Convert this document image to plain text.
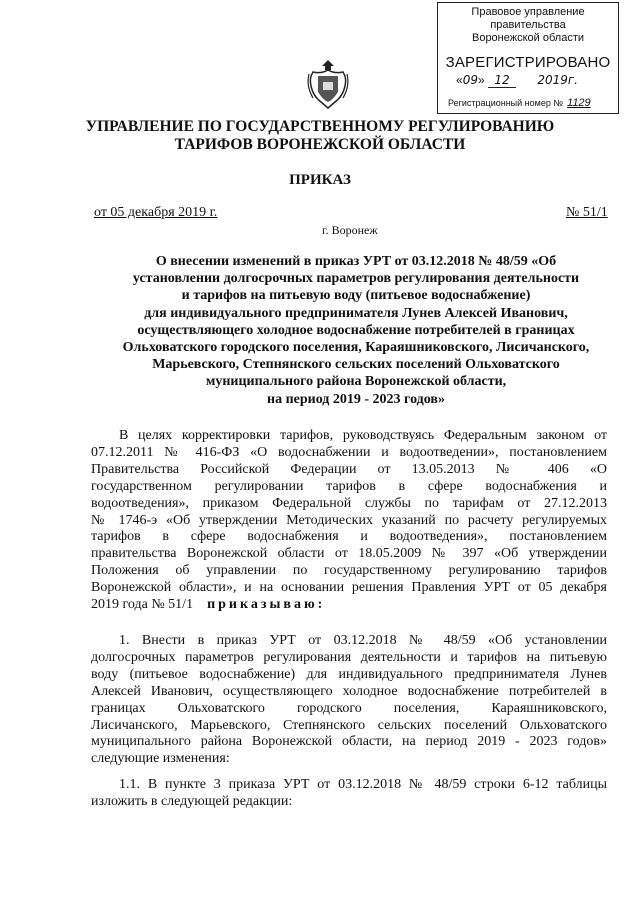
Правовое управление правительства
Воронежской области
ЗАРЕГИСТРИРОВАНО
«09» 12 2019г.
Регистрационный номер № 1129
УПРАВЛЕНИЕ ПО ГОСУДАРСТВЕННОМУ РЕГУЛИРОВАНИЮ
ТАРИФОВ ВОРОНЕЖСКОЙ ОБЛАСТИ
ПРИКАЗ
от 05 декабря 2019 г.	№ 51/1
г. Воронеж
О внесении изменений в приказ УРТ от 03.12.2018 № 48/59 «Об
установлении долгосрочных параметров регулирования деятельности
и тарифов на питьевую воду (питьевое водоснабжение)
для индивидуального предпринимателя Лунев Алексей Иванович,
осуществляющего холодное водоснабжение потребителей в границах
Ольховатского городского поселения, Караяшниковского, Лисичанского,
Марьевского, Степнянского сельских поселений Ольховатского
муниципального района Воронежской области,
на период 2019 - 2023 годов»
В целях корректировки тарифов, руководствуясь Федеральным законом от
07.12.2011 № 416-ФЗ «О водоснабжении и водоотведении», постановлением
Правительства Российской Федерации от 13.05.2013 № 406 «О
государственном регулировании тарифов в сфере водоснабжения и
водоотведения», приказом Федеральной службы по тарифам от 27.12.2013
№ 1746-э «Об утверждении Методических указаний по расчету регулируемых
тарифов в сфере водоснабжения и водоотведения», постановлением
правительства Воронежской области от 18.05.2009 № 397 «Об утверждении
Положения об управлении по государственному регулированию тарифов
Воронежской области», и на основании решения Правления УРТ от 05 декабря
2019 года № 51/1 приказываю:
1. Внести в приказ УРТ от 03.12.2018 № 48/59 «Об установлении
долгосрочных параметров регулирования деятельности и тарифов на питьевую
воду (питьевое водоснабжение) для индивидуального предпринимателя Лунев
Алексей Иванович, осуществляющего холодное водоснабжение потребителей в
границах Ольховатского городского поселения, Караяшниковского,
Лисичанского, Марьевского, Степнянского сельских поселений Ольховатского
муниципального района Воронежской области, на период 2019 - 2023 годов»
следующие изменения:
1.1. В пункте 3 приказа УРТ от 03.12.2018 № 48/59 строки 6-12 таблицы
изложить в следующей редакции:
